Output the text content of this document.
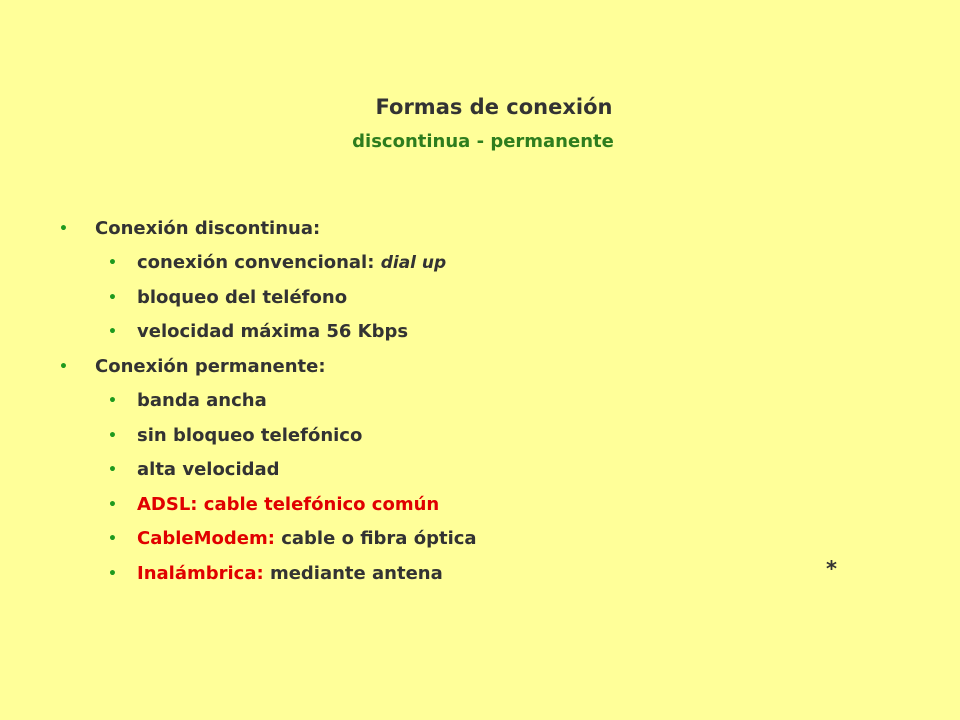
Formas de conexión
discontinua - permanente
• Conexión discontinua:
• conexión convencional: dial up
• bloqueo del teléfono
• velocidad máxima 56 Kbps
• Conexión permanente:
• banda ancha
• sin bloqueo telefónico
• alta velocidad
• ADSL: cable telefónico común
• CableModem: cable o fibra óptica
• Inalámbrica: mediante antena	*
